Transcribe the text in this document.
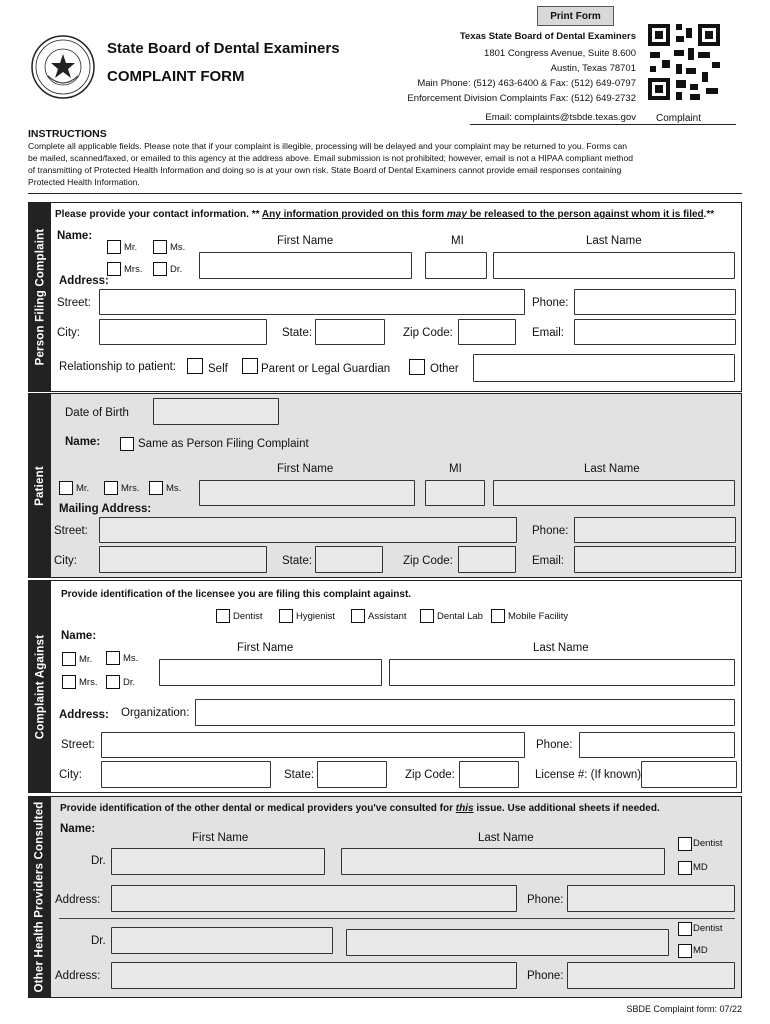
Print Form
State Board of Dental Examiners
COMPLAINT FORM
Texas State Board of Dental Examiners
1801 Congress Avenue, Suite 8.600
Austin, Texas 78701
Main Phone: (512) 463-6400 & Fax: (512) 649-0797
Enforcement Division Complaints Fax: (512) 649-2732
Email: complaints@tsbde.texas.gov Complaint
INSTRUCTIONS
Complete all applicable fields. Please note that if your complaint is illegible, processing will be delayed and your complaint may be returned to you. Forms can
be mailed, scanned/faxed, or emailed to this agency at the address above. Email submission is not prohibited; however, email is not a HIPAA compliant method
of transmitting of Protected Health Information and doing so is at your own risk. State Board of Dental Examiners cannot provide email responses containing
Protected Health Information.
Person Filing Complaint
Please provide your contact information. ** Any information provided on this form may be released to the person against whom it is filed.**
Name:
Mr.	Ms.
Mrs.	Dr.
First Name	MI	Last Name
Address:
Street:	Phone:
City:	State:	Zip Code:	Email:
Relationship to patient:	Self	Parent or Legal Guardian	Other
Patient
Date of Birth
Name:	Same as Person Filing Complaint
First Name	MI	Last Name
Mr.	Mrs.	Ms.
Mailing Address:
Street:	Phone:
City:	State:	Zip Code:	Email:
Complaint Against
Provide identification of the licensee you are filing this complaint against.
Dentist	Hygienist	Assistant	Dental Lab	Mobile Facility
Name:
First Name	Last Name
Mr.	Ms.
Mrs.	Dr.
Address: Organization:
Street:	Phone:
City:	State:	Zip Code:	License #: (If known)
Other Health Providers Consulted Provide identification of the other dental or medical providers you've consulted for this issue. Use additional sheets if needed.
Name:
First Name	Last Name
Dr.
Dentist
MD
Address:	Phone:
Dr.
Dentist
MD
Address:	Phone:
SBDE Complaint form: 07/22
